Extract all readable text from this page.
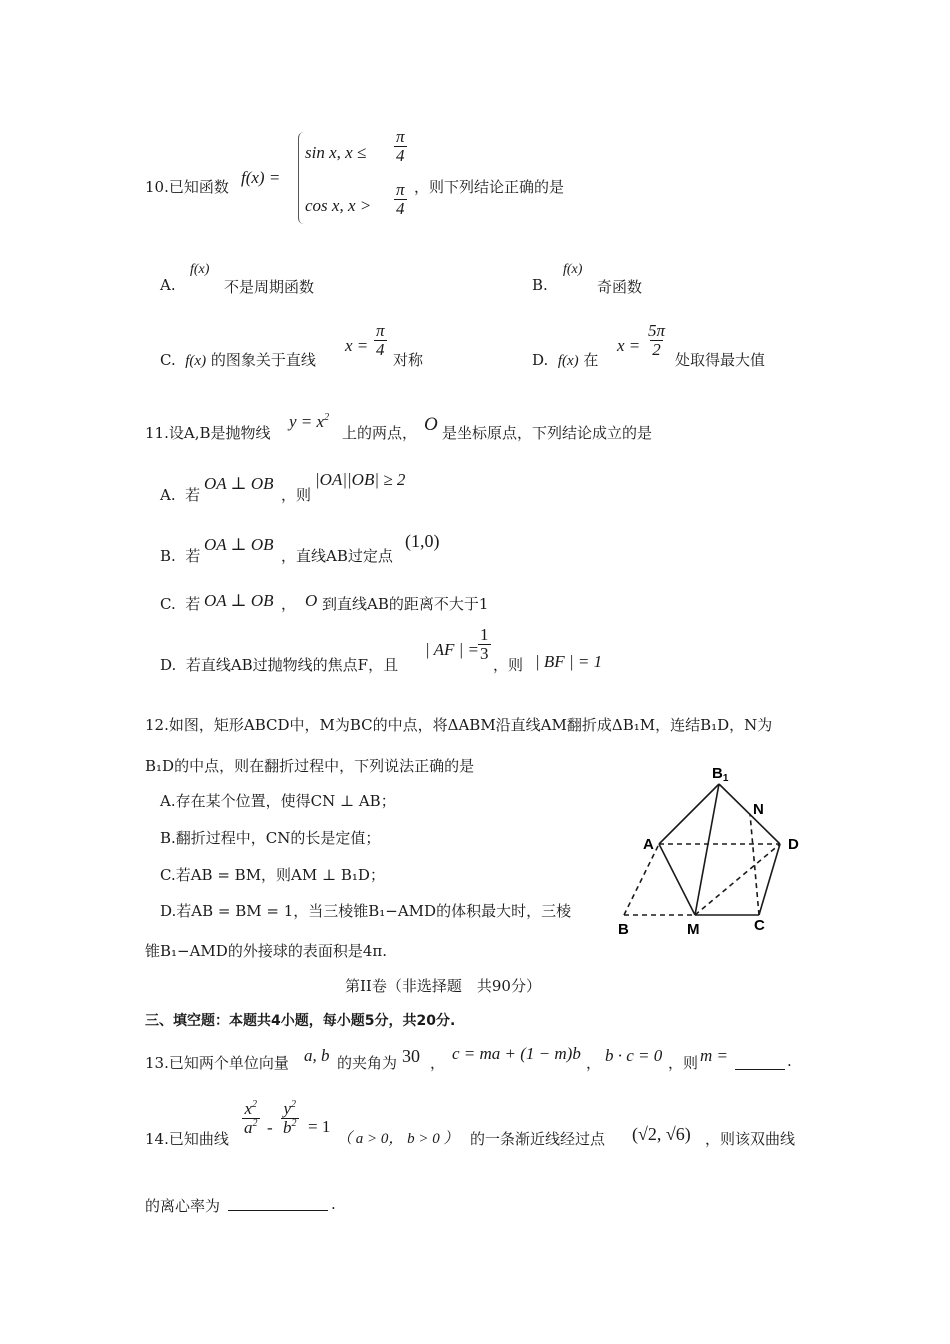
10.已知函数 f(x) =
sin x, $x \le \frac{\pi}{4}$
cos x, $x > \frac{\pi}{4}$ ，则下列结论正确的是
A.
f(x)
不是周期函数	B.
f(x)
奇函数
C. f(x) 的图象关于直线
$x = \frac{\pi}{4}$
对称	D. f(x) 在
$x = \frac{5\pi}{2}$
处取得最大值
11.设A,B是抛物线
$y = x^2$
上的两点， O 是坐标原点，下列结论成立的是
A. 若
OA ⊥ OB
，则
|OA||OB| ≥ 2
B. 若
OA ⊥ OB
，直线AB过定点
(1,0)
C. 若 OA ⊥ OB ， O 到直线AB的距离不大于1
D. 若直线AB过抛物线的焦点F，且
| AF | =
$\frac{1}{3}$
，则 | BF | = 1
12.如图，矩形ABCD中，M为BC的中点，将ΔABM沿直线AM翻折成ΔB₁M，连结B₁D，N为
B₁D的中点，则在翻折过程中，下列说法正确的是
A.存在某个位置，使得CN ⊥ AB；
B.翻折过程中，CN的长是定值；
C.若AB = BM，则AM ⊥ B₁D；
D.若AB = BM = 1，当三棱锥B₁−AMD的体积最大时，三棱
锥B₁−AMD的外接球的表面积是4π.
$B_1$
N
A	D
B	M	C
第II卷（非选择题　共90分）
三、填空题：本题共4小题，每小题5分，共20分.
13.已知两个单位向量 a, b 的夹角为 30 ， c = ma + (1 − m)b ， b · c = 0 ，则 m =	.
14.已知曲线
$\frac{x^2}{a^2} - \frac{y^2}{b^2} = 1$
（ a > 0， b > 0 ） 的一条渐近线经过点 (√2, √6) ，则该双曲线
的离心率为	.
